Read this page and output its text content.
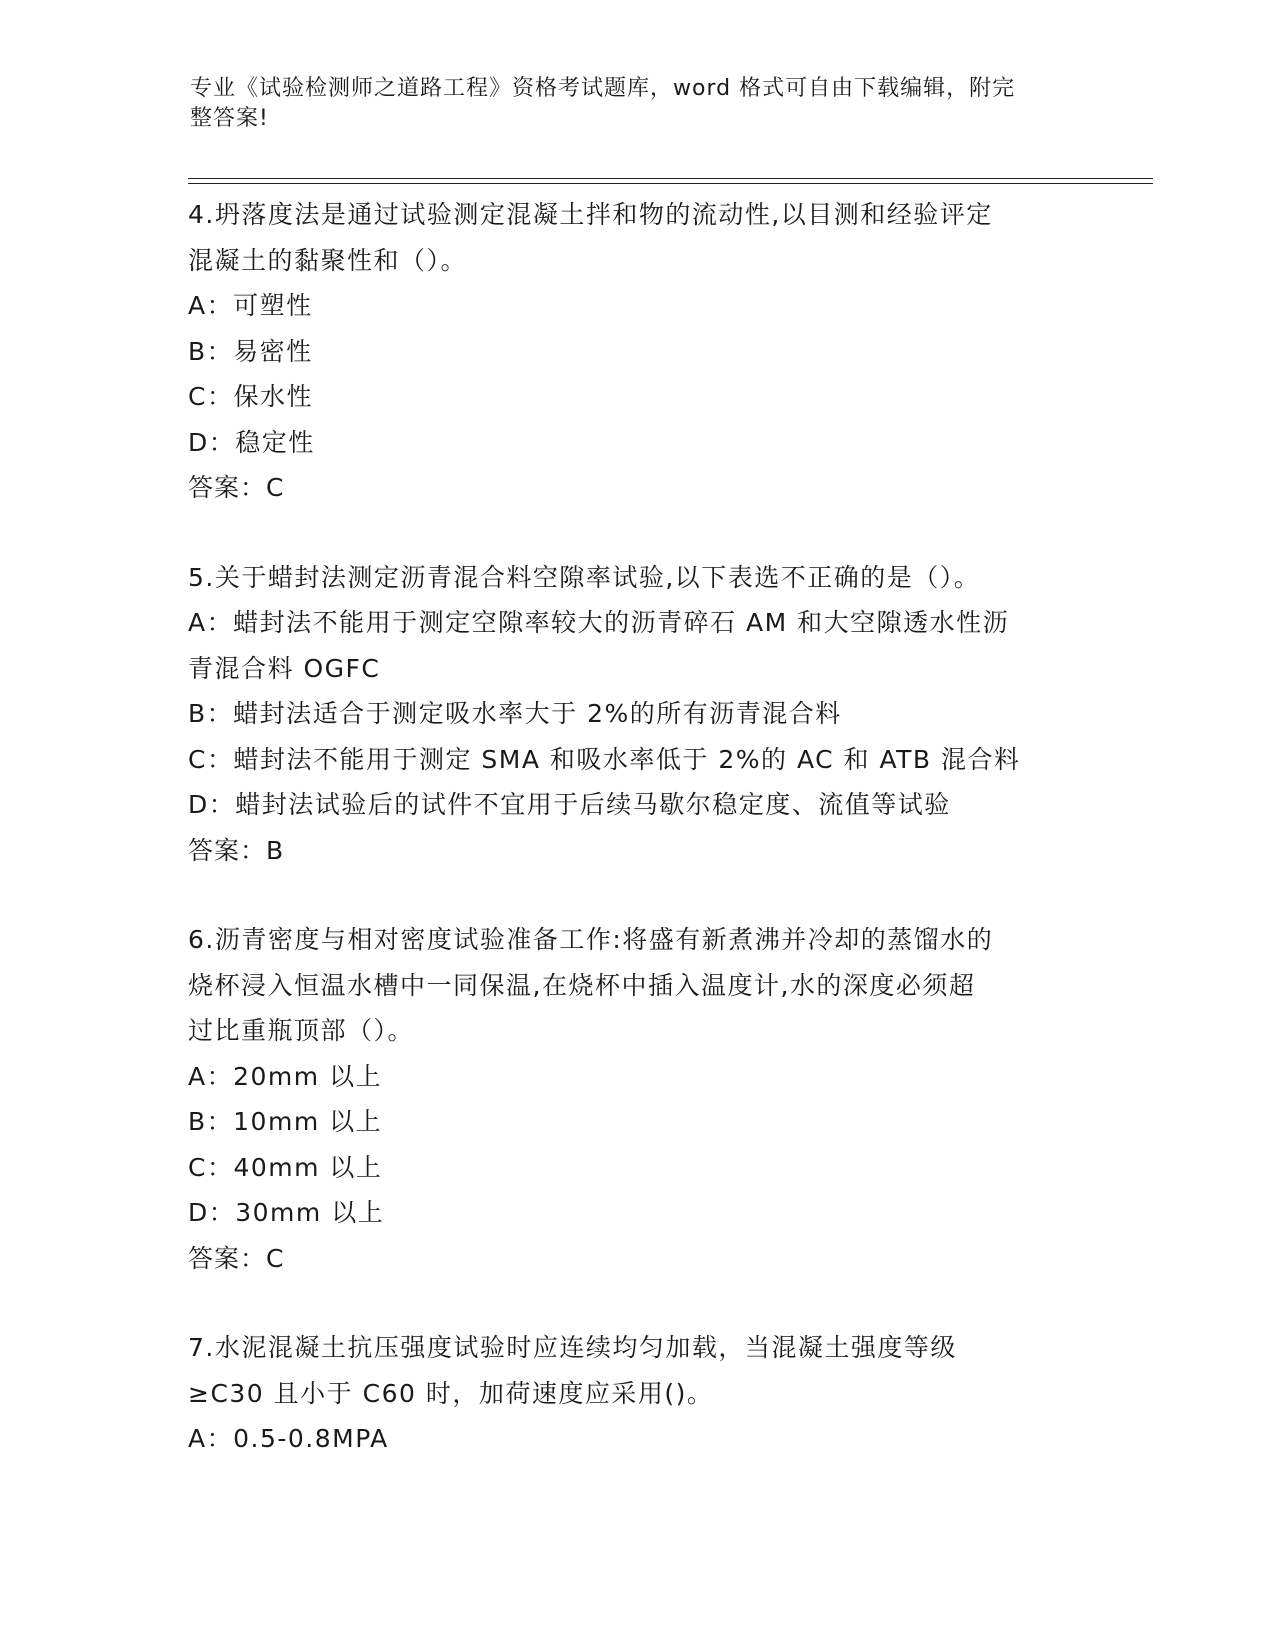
专业《试验检测师之道路工程》资格考试题库，word 格式可自由下载编辑，附完
整答案!
4.坍落度法是通过试验测定混凝土拌和物的流动性,以目测和经验评定
混凝土的黏聚性和（）。
A：可塑性
B：易密性
C：保水性
D：稳定性
答案：C
5.关于蜡封法测定沥青混合料空隙率试验,以下表选不正确的是（）。
A：蜡封法不能用于测定空隙率较大的沥青碎石 AM 和大空隙透水性沥
青混合料 OGFC
B：蜡封法适合于测定吸水率大于 2%的所有沥青混合料
C：蜡封法不能用于测定 SMA 和吸水率低于 2%的 AC 和 ATB 混合料
D：蜡封法试验后的试件不宜用于后续马歇尔稳定度、流值等试验
答案：B
6.沥青密度与相对密度试验准备工作:将盛有新煮沸并冷却的蒸馏水的
烧杯浸入恒温水槽中一同保温,在烧杯中插入温度计,水的深度必须超
过比重瓶顶部（）。
A：20mm 以上
B：10mm 以上
C：40mm 以上
D：30mm 以上
答案：C
7.水泥混凝土抗压强度试验时应连续均匀加载，当混凝土强度等级
≥C30 且小于 C60 时，加荷速度应采用()。
A：0.5-0.8MPA
